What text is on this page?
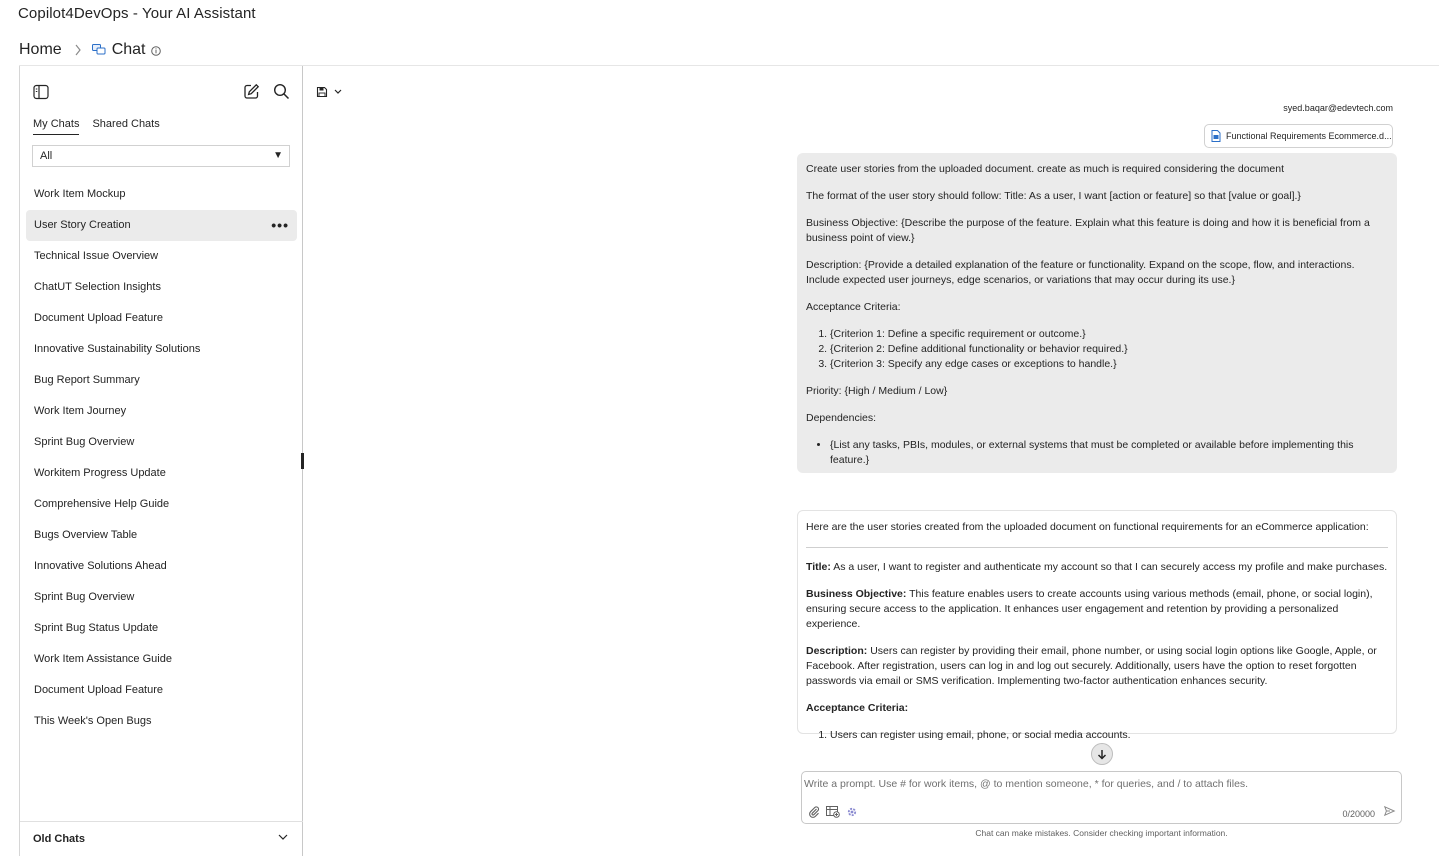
Copilot4DevOps - Your AI Assistant
Home	Chat
My Chats Shared Chats
All	▼
Work Item Mockup
User Story Creation	•••
Technical Issue Overview
ChatUT Selection Insights
Document Upload Feature
Innovative Sustainability Solutions
Bug Report Summary
Work Item Journey
Sprint Bug Overview
Workitem Progress Update
Comprehensive Help Guide
Bugs Overview Table
Innovative Solutions Ahead
Sprint Bug Overview
Sprint Bug Status Update
Work Item Assistance Guide
Document Upload Feature
This Week's Open Bugs
Old Chats
syed.baqar@edevtech.com
Functional Requirements Ecommerce.d...

Create user stories from the uploaded document. create as much is required considering the document

The format of the user story should follow: Title: As a user, I want [action or feature] so that [value or goal].}

Business Objective: {Describe the purpose of the feature. Explain what this feature is doing and how it is beneficial from a business point of view.}

Description: {Provide a detailed explanation of the feature or functionality. Expand on the scope, flow, and interactions. Include expected user journeys, edge scenarios, or variations that may occur during its use.}

Acceptance Criteria:

1. {Criterion 1: Define a specific requirement or outcome.}
2. {Criterion 2: Define additional functionality or behavior required.}
3. {Criterion 3: Specify any edge cases or exceptions to handle.}

Priority: {High / Medium / Low}

Dependencies:

• {List any tasks, PBIs, modules, or external systems that must be completed or available before implementing this feature.}

Here are the user stories created from the uploaded document on functional requirements for an eCommerce application:

Title: As a user, I want to register and authenticate my account so that I can securely access my profile and make purchases.

Business Objective: This feature enables users to create accounts using various methods (email, phone, or social login), ensuring secure access to the application. It enhances user engagement and retention by providing a personalized experience.

Description: Users can register by providing their email, phone number, or using social login options like Google, Apple, or Facebook. After registration, users can log in and log out securely. Additionally, users have the option to reset forgotten passwords via email or SMS verification. Implementing two-factor authentication enhances security.

Acceptance Criteria:

1. Users can register using email, phone, or social media accounts.
Write a prompt. Use # for work items, @ to mention someone, * for queries, and / to attach files.
0/20000
Chat can make mistakes. Consider checking important information.
